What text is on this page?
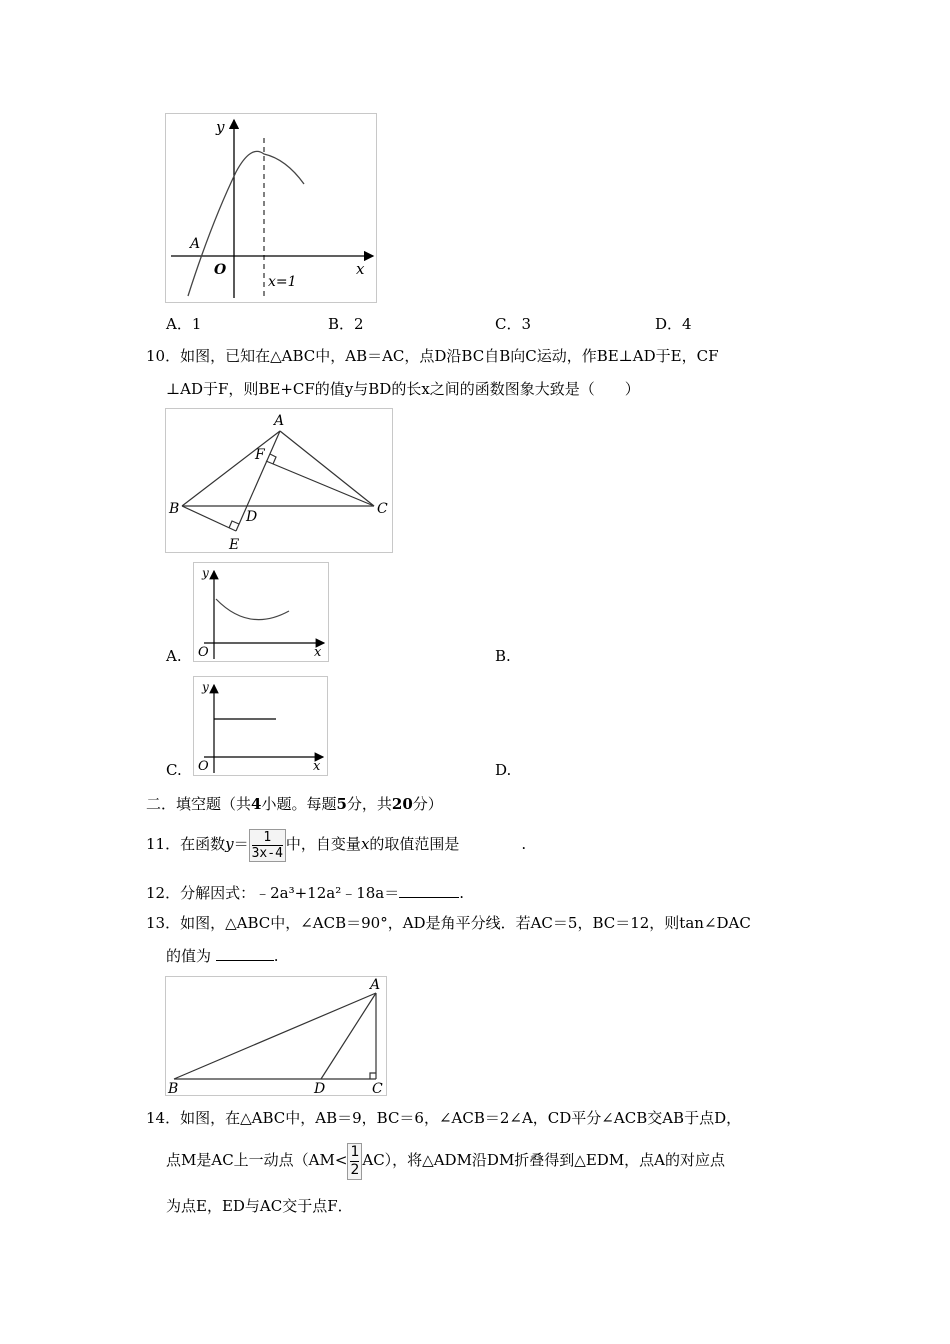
y
x
O
A
x=1
A．1	B．2	C．3	D．4
10．如图，已知在△ABC中，AB＝AC，点D沿BC自B向C运动，作BE⊥AD于E，CF
⊥AD于F，则BE+CF的值y与BD的长x之间的函数图象大致是（　　）
A
B	C
D
E
F
A.
y
O	x	B.
C.
y
O	x	D.
二．填空题（共4小题。每题5分，共20分）
11．在函数$y= \frac{1}{3x-4}$中，自变量x的取值范围是	.
12．分解因式：﹣2a³+12a²﹣18a＝	.
13．如图，△ABC中，∠ACB＝90°，AD是角平分线．若AC＝5，BC＝12，则tan∠DAC
的值为	.
A
B	C
D
14．如图，在△ABC中，AB＝9，BC＝6，∠ACB＝2∠A，CD平分∠ACB交AB于点D，
点M是AC上一动点$(AM< \frac{1}{2}AC)$，将△ADM沿DM折叠得到△EDM，点A的对应点
为点E，ED与AC交于点F．
